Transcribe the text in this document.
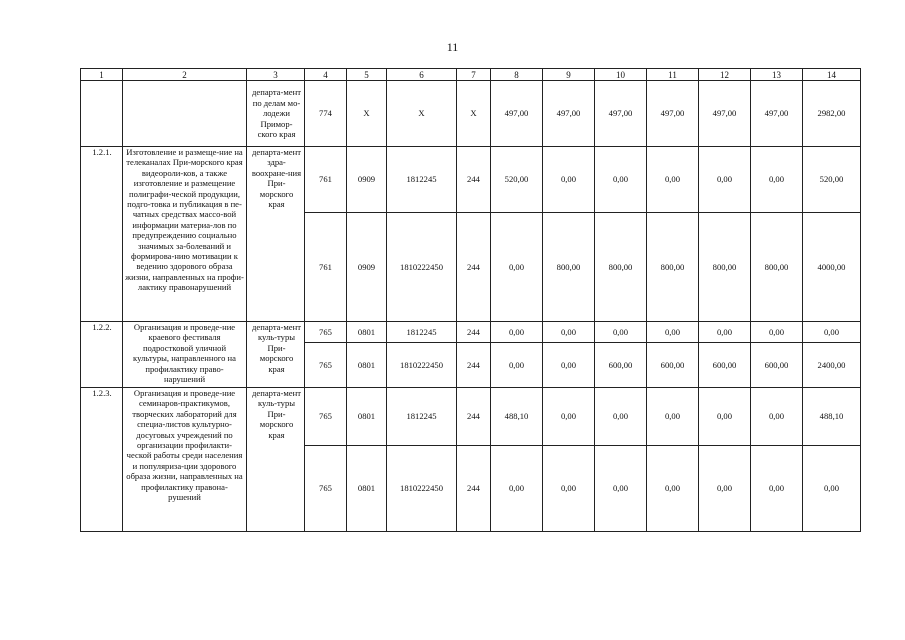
11
1	2	3	4	5	6	7	8	9	10	11	12	13	14
		департа-мент по делам мо-лодежи Примор-ского края	774	Х	Х	Х	497,00	497,00	497,00	497,00	497,00	497,00	2982,00
1.2.1.	Изготовление и размеще-ние на телеканалах При-морского края видеороли-ков, а также изготовление и размещение полиграфи-ческой продукции, подго-товка и публикация в пе-чатных средствах массо-вой информации материа-лов по предупреждению социально значимых за-болеваний и формирова-нию мотивации к ведению здорового образа жизни, направленных на профи-лактику правонарушений	департа-мент здра-воохране-ния При-морского края	761	0909	1812245	244	520,00	0,00	0,00	0,00	0,00	0,00	520,00
			761	0909	1810222450	244	0,00	800,00	800,00	800,00	800,00	800,00	4000,00
1.2.2.	Организация и проведе-ние краевого фестиваля подростковой уличной культуры, направленного на профилактику право-нарушений	департа-мент куль-туры При-морского края	765	0801	1812245	244	0,00	0,00	0,00	0,00	0,00	0,00	0,00
			765	0801	1810222450	244	0,00	0,00	600,00	600,00	600,00	600,00	2400,00
1.2.3.	Организация и проведе-ние семинаров-практикумов, творческих лабораторий для специа-листов культурно-досуговых учреждений по организации профилакти-ческой работы среди населения и популяриза-ции здорового образа жизни, направленных на профилактику правона-рушений	департа-мент куль-туры При-морского края	765	0801	1812245	244	488,10	0,00	0,00	0,00	0,00	0,00	488,10
			765	0801	1810222450	244	0,00	0,00	0,00	0,00	0,00	0,00	0,00
